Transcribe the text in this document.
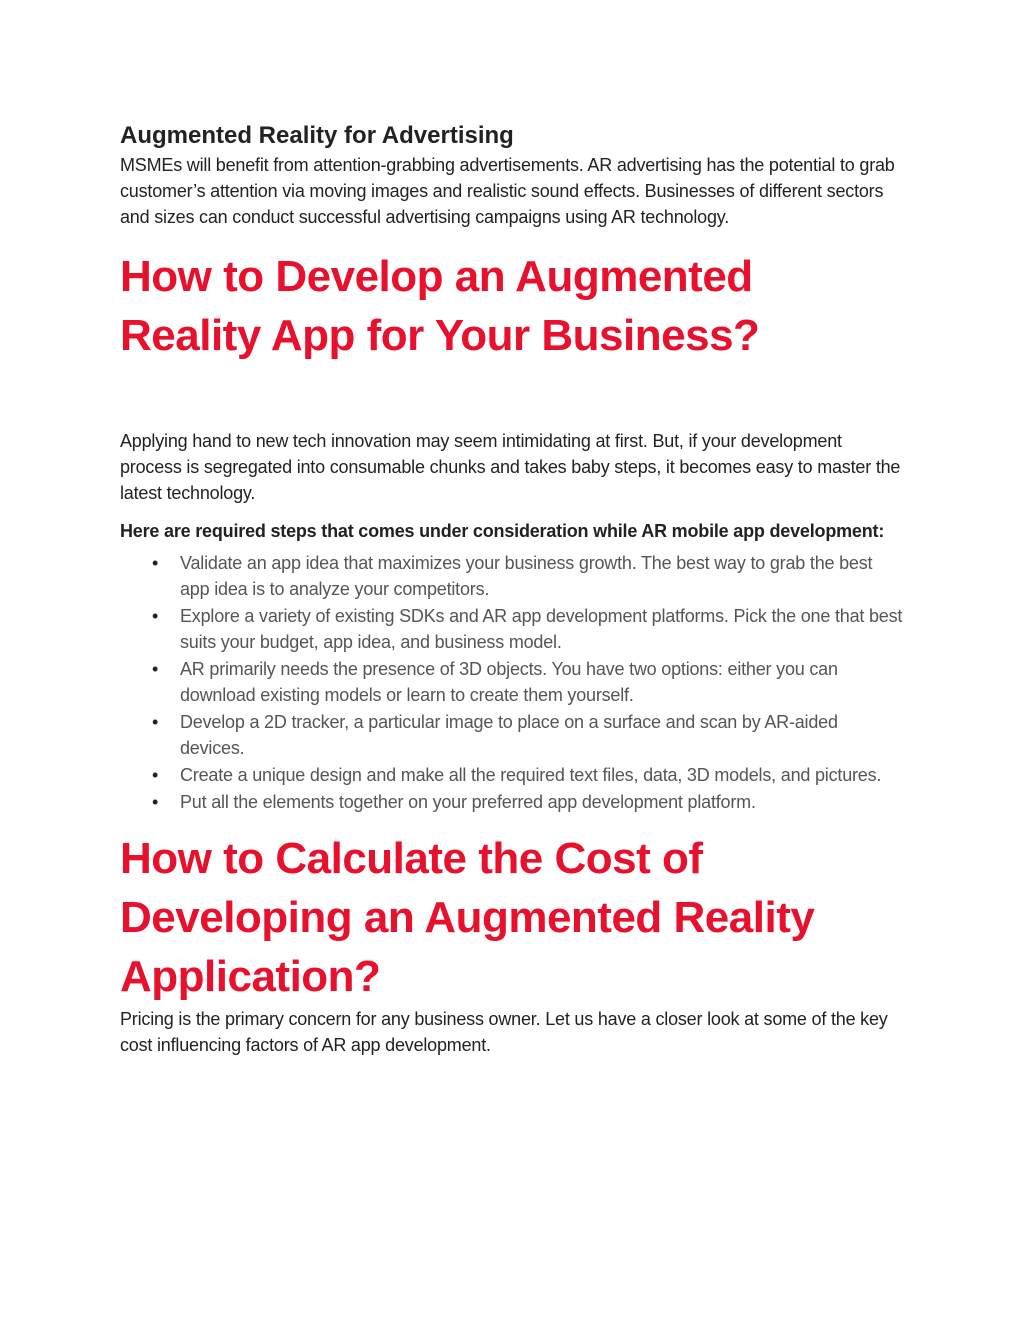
Augmented Reality for Advertising

MSMEs will benefit from attention-grabbing advertisements. AR advertising has the potential to grab customer’s attention via moving images and realistic sound effects. Businesses of different sectors and sizes can conduct successful advertising campaigns using AR technology.

How to Develop an Augmented Reality App for Your Business?

Applying hand to new tech innovation may seem intimidating at first. But, if your development process is segregated into consumable chunks and takes baby steps, it becomes easy to master the latest technology.

Here are required steps that comes under consideration while AR mobile app development:

• Validate an app idea that maximizes your business growth. The best way to grab the best app idea is to analyze your competitors.
• Explore a variety of existing SDKs and AR app development platforms. Pick the one that best suits your budget, app idea, and business model.
• AR primarily needs the presence of 3D objects. You have two options: either you can download existing models or learn to create them yourself.
• Develop a 2D tracker, a particular image to place on a surface and scan by AR-aided devices.
• Create a unique design and make all the required text files, data, 3D models, and pictures.
• Put all the elements together on your preferred app development platform.
How to Calculate the Cost of Developing an Augmented Reality Application?

Pricing is the primary concern for any business owner. Let us have a closer look at some of the key cost influencing factors of AR app development.
